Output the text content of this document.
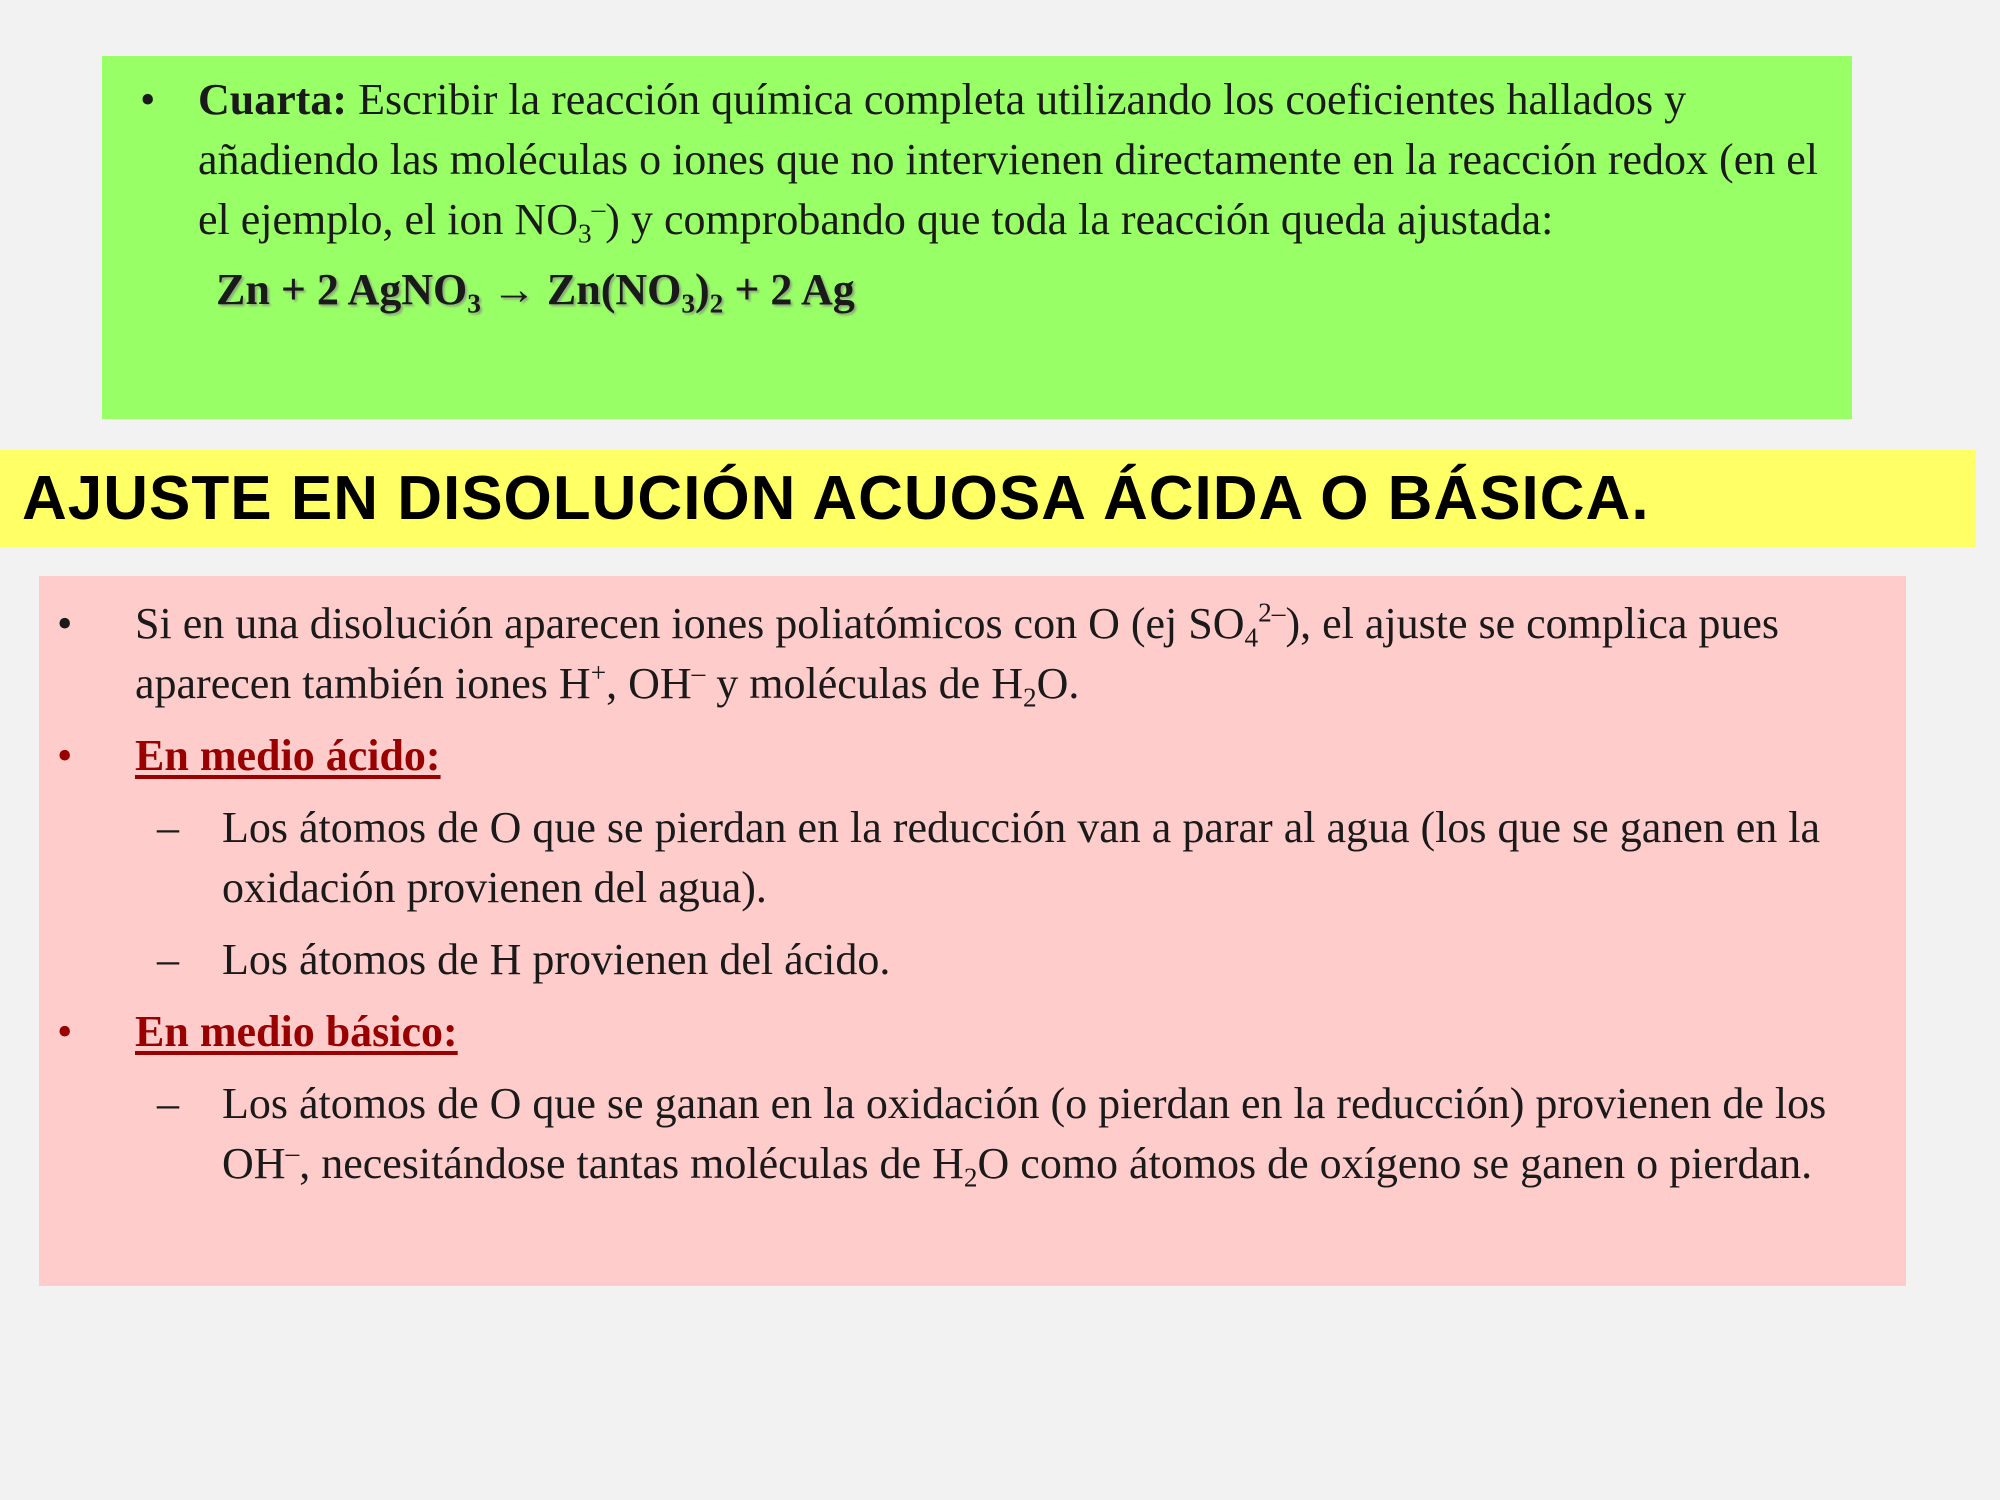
• Cuarta: Escribir la reacción química completa utilizando los coeficientes hallados y añadiendo las moléculas o iones que no intervienen directamente en la reacción redox (en el el ejemplo, el ion $NO_3^-$) y comprobando que toda la reacción queda ajustada:
Zn + 2 AgNO$_3$ → $Zn(NO_3)_2 + 2$ Ag
AJUSTE EN DISOLUCIÓN ACUOSA ÁCIDA O BÁSICA.
•	Si en una disolución aparecen iones poliatómicos con O (ej $SO_4^{2-}$), el ajuste se complica pues aparecen también iones H+, OH– y moléculas de $H_2O$.
•	En medio ácido:
– Los átomos de O que se pierdan en la reducción van a parar al agua (los que se ganen en la oxidación provienen del agua).
– Los átomos de H provienen del ácido.
•	En medio básico:
– Los átomos de O que se ganan en la oxidación (o pierdan en la reducción) provienen de los OH–, necesitándose tantas moléculas de $H_2O$ como átomos de oxígeno se ganen o pierdan.
